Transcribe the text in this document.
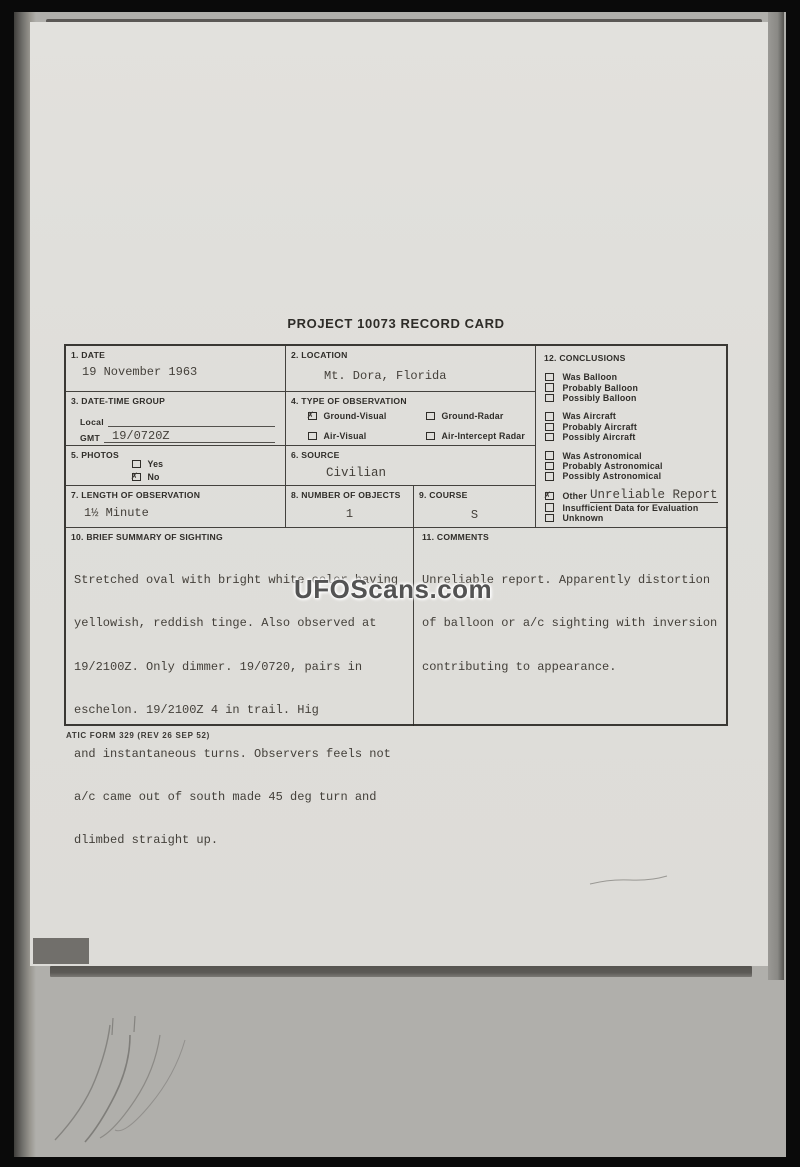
PROJECT 10073 RECORD CARD
1. DATE
19 November 1963
2. LOCATION
Mt. Dora, Florida
12. CONCLUSIONS
Was Balloon
Probably Balloon
Possibly Balloon
Was Aircraft
Probably Aircraft
Possibly Aircraft
Was Astronomical
Probably Astronomical
Possibly Astronomical
✗
Other Unreliable Report
Insufficient Data for Evaluation
Unknown
3. DATE-TIME GROUP
Local
GMT	19/0720Z
4. TYPE OF OBSERVATION
✗
Ground-Visual	Ground-Radar
Air-Visual	Air-Intercept Radar
5. PHOTOS
Yes
✗
No
6. SOURCE
Civilian
7. LENGTH OF OBSERVATION
1½ Minute
8. NUMBER OF OBJECTS
1
9. COURSE
S
10. BRIEF SUMMARY OF SIGHTING

Stretched oval with bright white color having

yellowish, reddish tinge. Also observed at

19/2100Z. Only dimmer. 19/0720, pairs in

eschelon. 19/2100Z 4 in trail. Hig

and instantaneous turns. Observers feels not

a/c came out of south made 45 deg turn and

dlimbed straight up.

11. COMMENTS

Unreliable report. Apparently distortion

of balloon or a/c sighting with inversion

contributing to appearance.

UFOScans.com
ATIC FORM 329 (REV 26 SEP 52)
